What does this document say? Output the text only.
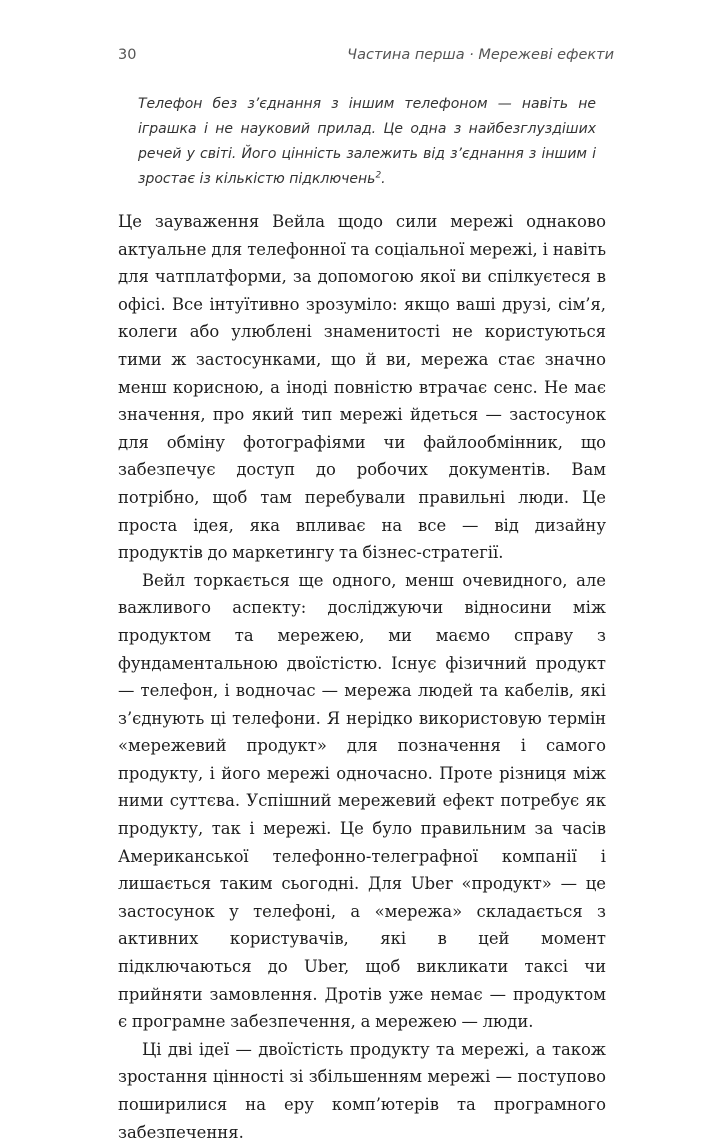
30	Частина перша · Мережеві ефекти
Телефон без з’єднання з іншим телефоном — навіть не іграшка і не науковий прилад. Це одна з найбезглуздіших речей у світі. Його цінність залежить від з’єднання з іншим і зростає із кількістю підключень$^2$.

Це зауваження Вейла щодо сили мережі однаково актуальне для телефонної та соціальної мережі, і навіть для чатплатформи, за допомогою якої ви спілкуєтеся в офісі. Все інтуїтивно зрозуміло: якщо ваші друзі, сім’я, колеги або улюблені знаменитості не користуються тими ж застосунками, що й ви, мережа стає значно менш корисною, а іноді повністю втрачає сенс. Не має значення, про який тип мережі йдеться — застосунок для обміну фотографіями чи файлообмінник, що забезпечує доступ до робочих документів. Вам потрібно, щоб там перебували правильні люди. Це проста ідея, яка впливає на все — від дизайну продуктів до маркетингу та бізнес-стратегії.

Вейл торкається ще одного, менш очевидного, але важливого аспекту: досліджуючи відносини між продуктом та мережею, ми маємо справу з фундаментальною двоїстістю. Існує фізичний продукт — телефон, і водночас — мережа людей та кабелів, які з’єднують ці телефони. Я нерідко використовую термін «мережевий продукт» для позначення і самого продукту, і його мережі одночасно. Проте різниця між ними суттєва. Успішний мережевий ефект потребує як продукту, так і мережі. Це було правильним за часів Американської телефонно-телеграфної компанії і лишається таким сьогодні. Для Uber «продукт» — це застосунок у телефоні, а «мережа» складається з активних користувачів, які в цей момент підключаються до Uber, щоб викликати таксі чи прийняти замовлення. Дротів уже немає — продуктом є програмне забезпечення, а мережею — люди.

Ці дві ідеї — двоїстість продукту та мережі, а також зростання цінності зі збільшенням мережі — поступово поширилися на еру комп’ютерів та програмного забезпечення.
